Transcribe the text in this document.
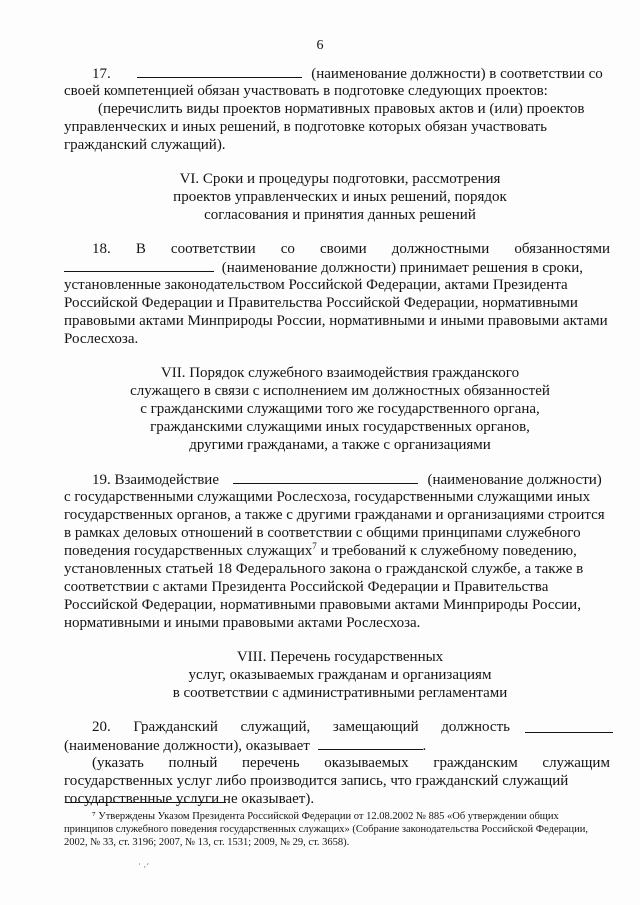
6
17.	(наименование должности) в соответствии со
своей компетенцией обязан участвовать в подготовке следующих проектов:
(перечислить виды проектов нормативных правовых актов и (или) проектов
управленческих и иных решений, в подготовке которых обязан участвовать
гражданский служащий).
VI. Сроки и процедуры подготовки, рассмотрения
проектов управленческих и иных решений, порядок
согласования и принятия данных решений
18. В соответствии со своими должностными обязанностями
(наименование должности) принимает решения в сроки,
установленные законодательством Российской Федерации, актами Президента
Российской Федерации и Правительства Российской Федерации, нормативными
правовыми актами Минприроды России, нормативными и иными правовыми актами
Рослесхоза.
VII. Порядок служебного взаимодействия гражданского
служащего в связи с исполнением им должностных обязанностей
с гражданскими служащими того же государственного органа,
гражданскими служащими иных государственных органов,
другими гражданами, а также с организациями
19. Взаимодействие	(наименование должности)
с государственными служащими Рослесхоза, государственными служащими иных
государственных органов, а также с другими гражданами и организациями строится
в рамках деловых отношений в соответствии с общими принципами служебного
поведения государственных служащих$^7$ и требований к служебному поведению,
установленных статьей 18 Федерального закона о гражданской службе, а также в
соответствии с актами Президента Российской Федерации и Правительства
Российской Федерации, нормативными правовыми актами Минприроды России,
нормативными и иными правовыми актами Рослесхоза.
VIII. Перечень государственных
услуг, оказываемых гражданам и организациям
в соответствии с административными регламентами
20. Гражданский служащий, замещающий должность
(наименование должности), оказывает	.
(указать полный перечень оказываемых гражданским служащим
государственных услуг либо производится запись, что гражданский служащий
государственные услуги не оказывает).
⁷ Утверждены Указом Президента Российской Федерации от 12.08.2002 № 885 «Об утверждении общих
принципов служебного поведения государственных служащих» (Собрание законодательства Российской Федерации,
2002, № 33, ст. 3196; 2007, № 13, ст. 1531; 2009, № 29, ст. 3658).
˙ ·´
